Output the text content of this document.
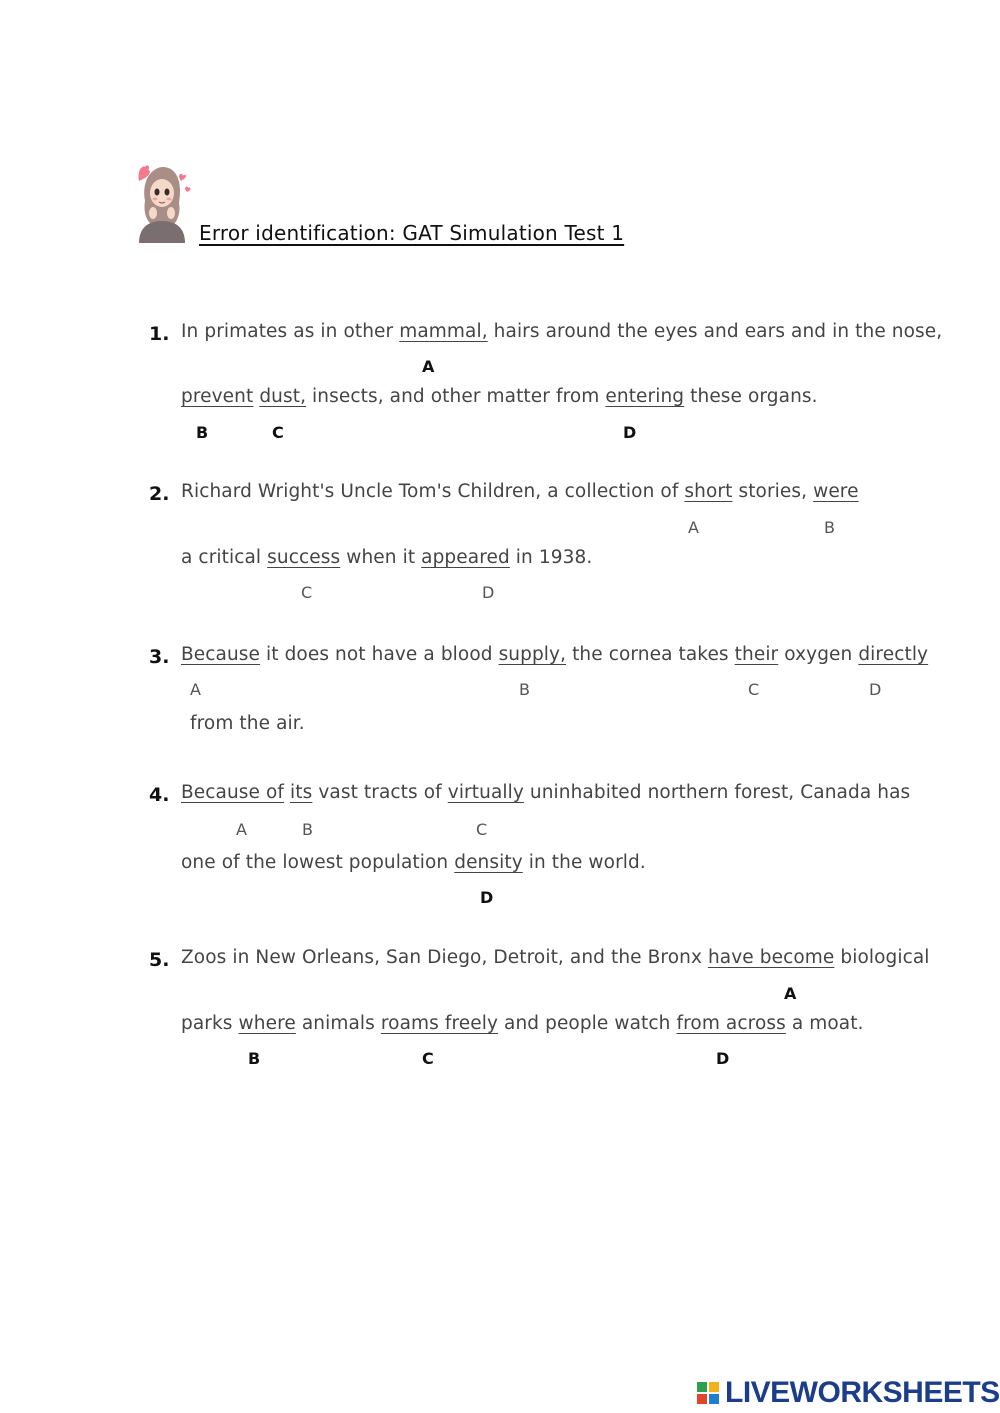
Error identification: GAT Simulation Test 1
1. In primates as in other mammal, hairs around the eyes and ears and in the nose,
A
prevent dust, insects, and other matter from entering these organs.
B	C	D
2. Richard Wright's Uncle Tom's Children, a collection of short stories, were
A	B
a critical success when it appeared in 1938.
C	D
3. Because it does not have a blood supply, the cornea takes their oxygen directly
A	B	C	D
from the air.
4. Because of its vast tracts of virtually uninhabited northern forest, Canada has
A	B	C
one of the lowest population density in the world.
D
5. Zoos in New Orleans, San Diego, Detroit, and the Bronx have become biological
A
parks where animals roams freely and people watch from across a moat.
B	C	D
LIVEWORKSHEETS
